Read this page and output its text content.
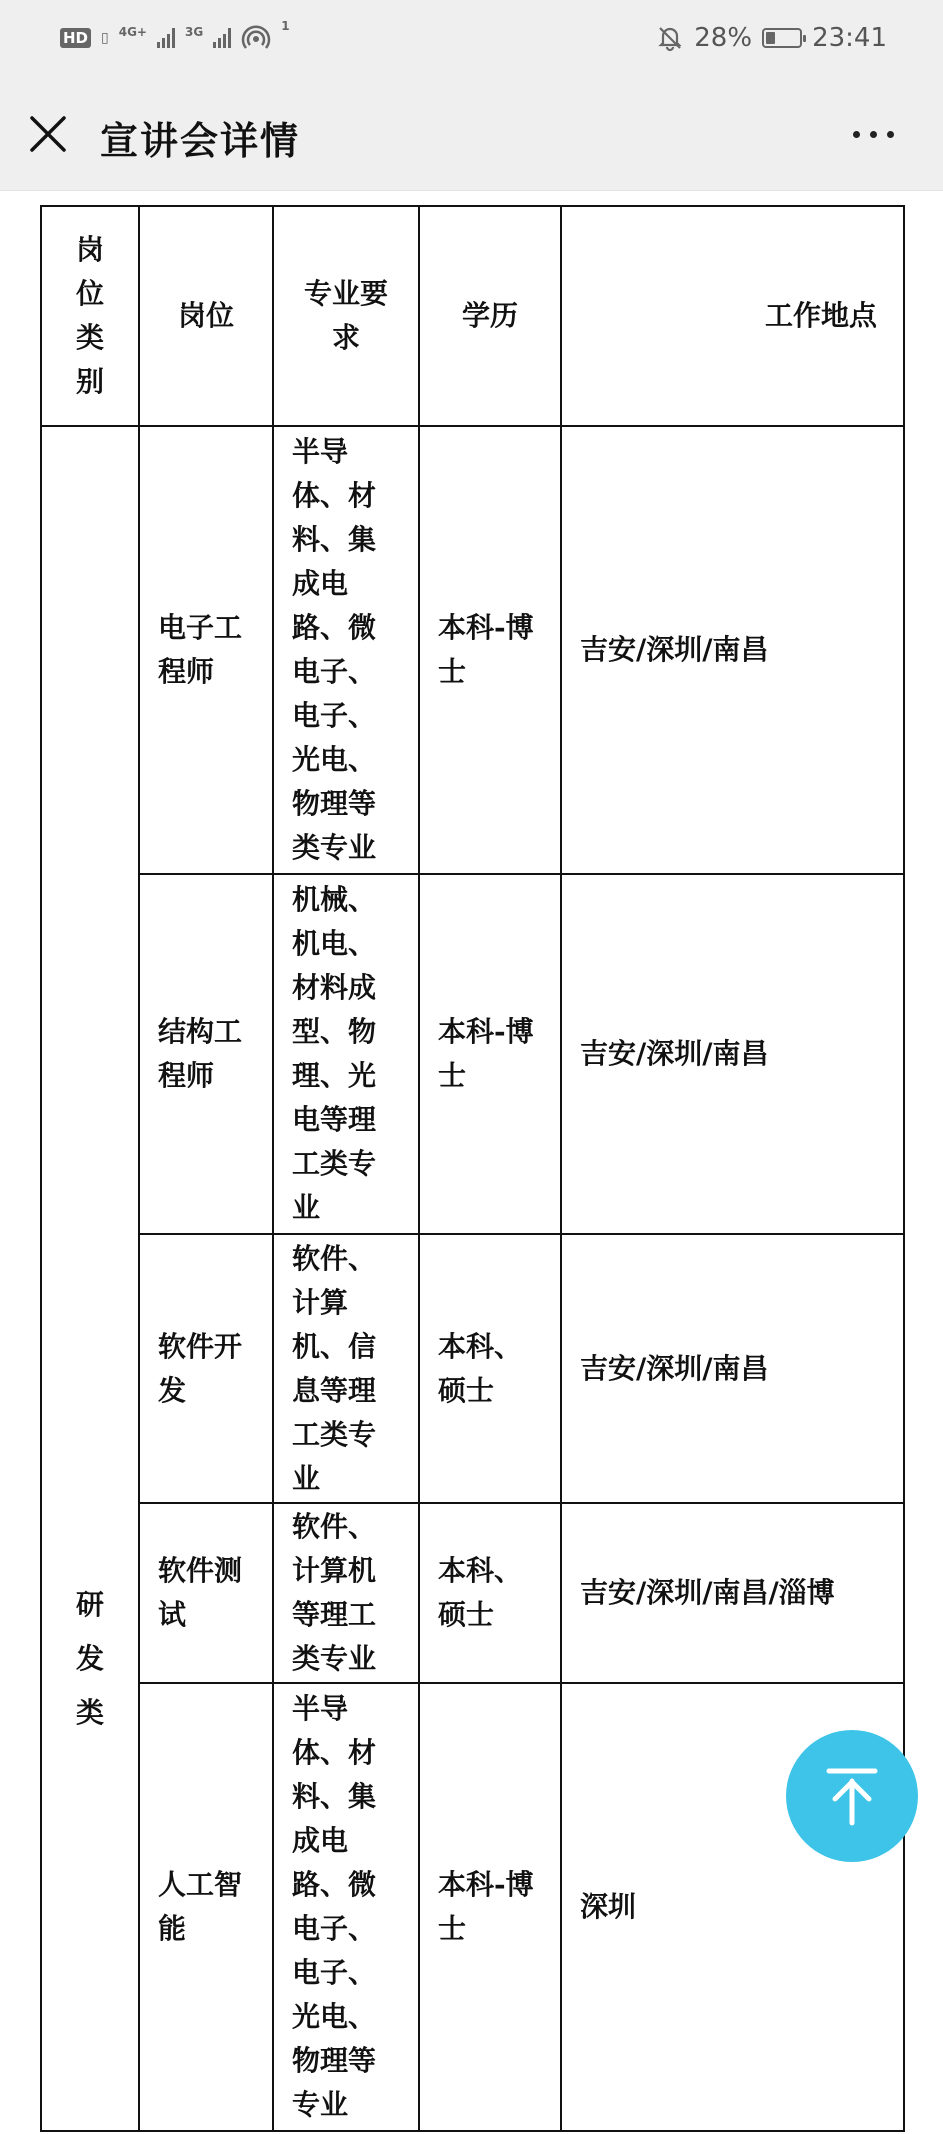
HD ▯ 4G+	3G	1	28% 23:41
宣讲会详情
岗位类别	岗位	专业要求	学历	工作地点

研发类	电子工程师	半导体、材料、集成电路、微电子、电子、光电、物理等类专业	本科-博士	吉安/深圳/南昌
	结构工程师	机械、机电、材料成型、物理、光电等理工类专业	本科-博士	吉安/深圳/南昌
	软件开发	软件、计算机、信息等理工类专业	本科、硕士	吉安/深圳/南昌
	软件测试	软件、计算机等理工类专业	本科、硕士	吉安/深圳/南昌/淄博
	人工智能	半导体、材料、集成电路、微电子、电子、光电、物理等专业	本科-博士	深圳
